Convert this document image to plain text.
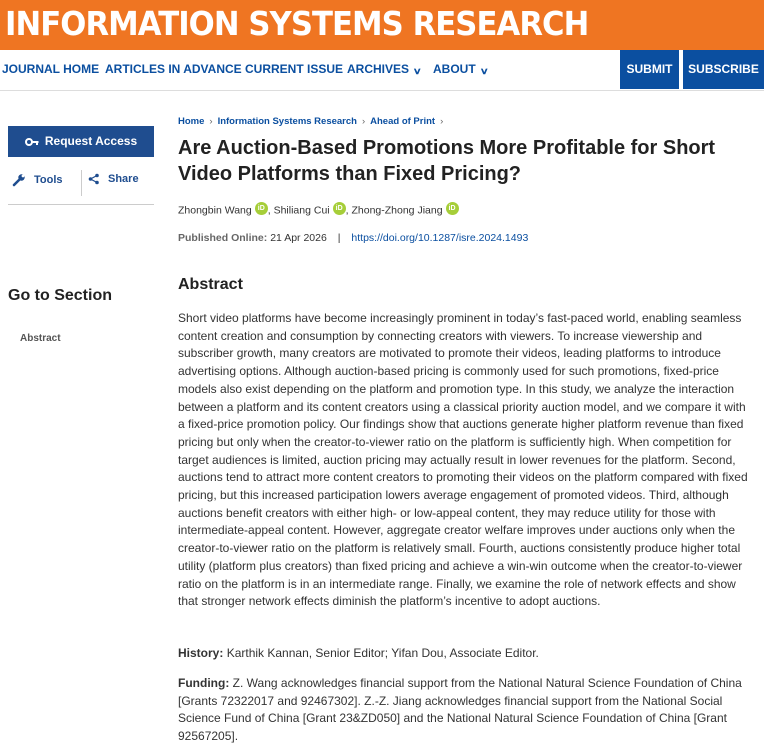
INFORMATION SYSTEMS RESEARCH
JOURNAL HOME ARTICLES IN ADVANCE CURRENT ISSUE ARCHIVES ∨ ABOUT ∨	SUBMIT	SUBSCRIBE
Request Access
Tools	Share
Go to Section
Abstract
Home › Information Systems Research › Ahead of Print ›
Are Auction-Based Promotions More Profitable for Short Video Platforms than Fixed Pricing?
Zhongbin Wang iD , Shiliang Cui iD , Zhong-Zhong Jiang iD
Published Online: 21 Apr 2026 | https://doi.org/10.1287/isre.2024.1493
Abstract
Short video platforms have become increasingly prominent in today’s fast-paced world, enabling seamless content creation and consumption by connecting creators with viewers. To increase viewership and subscriber growth, many creators are motivated to promote their videos, leading platforms to introduce advertising options. Although auction-based pricing is commonly used for such promotions, fixed-price models also exist depending on the platform and promotion type. In this study, we analyze the interaction between a platform and its content creators using a classical priority auction model, and we compare it with a fixed-price promotion policy. Our findings show that auctions generate higher platform revenue than fixed pricing but only when the creator-to-viewer ratio on the platform is sufficiently high. When competition for target audiences is limited, auction pricing may actually result in lower revenues for the platform. Second, auctions tend to attract more content creators to promoting their videos on the platform compared with fixed pricing, but this increased participation lowers average engagement of promoted videos. Third, although auctions benefit creators with either high- or low-appeal content, they may reduce utility for those with intermediate-appeal content. However, aggregate creator welfare improves under auctions only when the creator-to-viewer ratio on the platform is relatively small. Fourth, auctions consistently produce higher total utility (platform plus creators) than fixed pricing and achieve a win-win outcome when the creator-to-viewer ratio on the platform is in an intermediate range. Finally, we examine the role of network effects and show that stronger network effects diminish the platform’s incentive to adopt auctions.
History: Karthik Kannan, Senior Editor; Yifan Dou, Associate Editor.
Funding: Z. Wang acknowledges financial support from the National Natural Science Foundation of China [Grants 72322017 and 92467302]. Z.-Z. Jiang acknowledges financial support from the National Social Science Fund of China [Grant 23&ZD050] and the National Natural Science Foundation of China [Grant 92567205].
